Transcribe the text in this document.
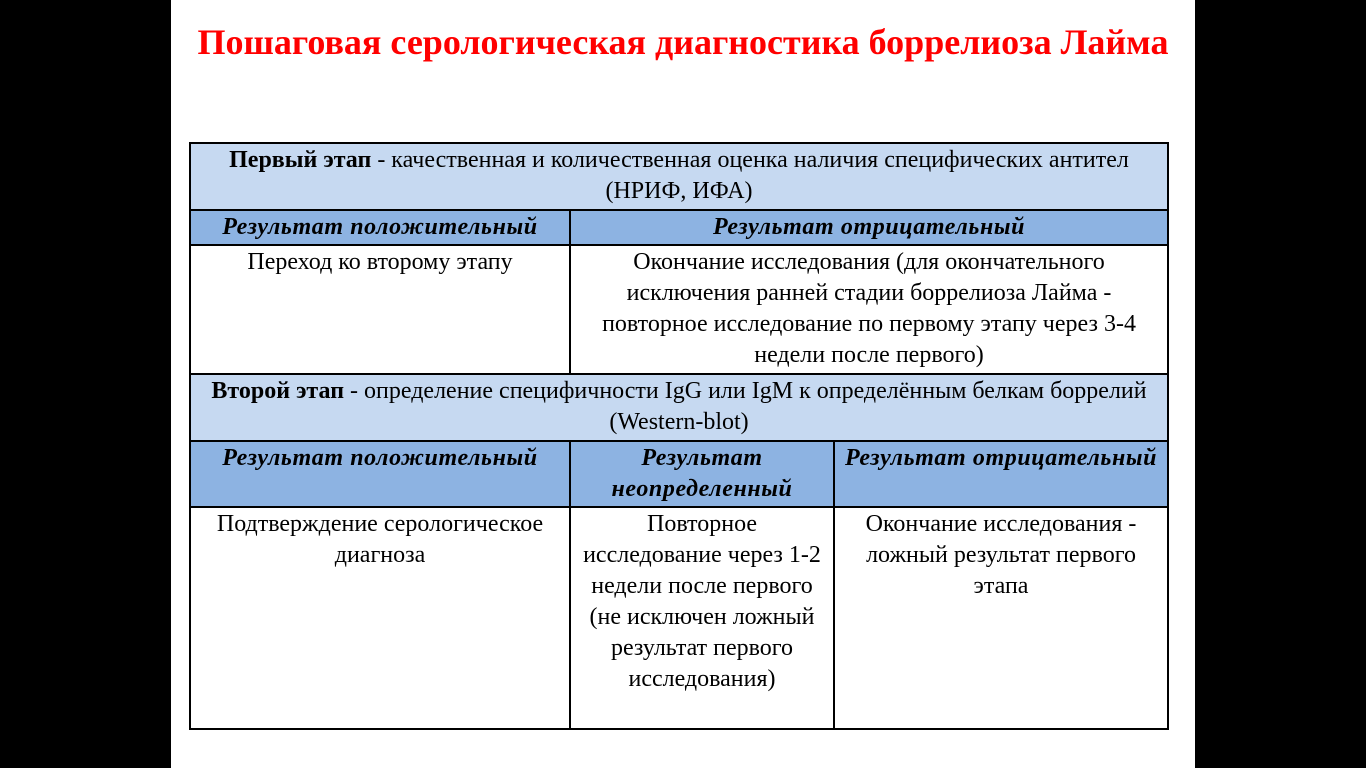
Пошаговая серологическая диагностика боррелиоза Лайма
Первый этап - качественная и количественная оценка наличия специфических антител (НРИФ, ИФА)		
Результат положительный	Результат отрицательный	
Переход ко второму этапу	Окончание исследования (для окончательного исключения ранней стадии боррелиоза Лайма - повторное исследование по первому этапу через 3-4 недели после первого)	
Второй этап - определение специфичности IgG или IgM к определённым белкам боррелий (Western-blot)		
Результат положительный	Результат неопределенный	Результат отрицательный
Подтверждение серологическое диагноза	Повторное исследование через 1-2 недели после первого (не исключен ложный результат первого исследования)	Окончание исследования - ложный результат первого этапа
